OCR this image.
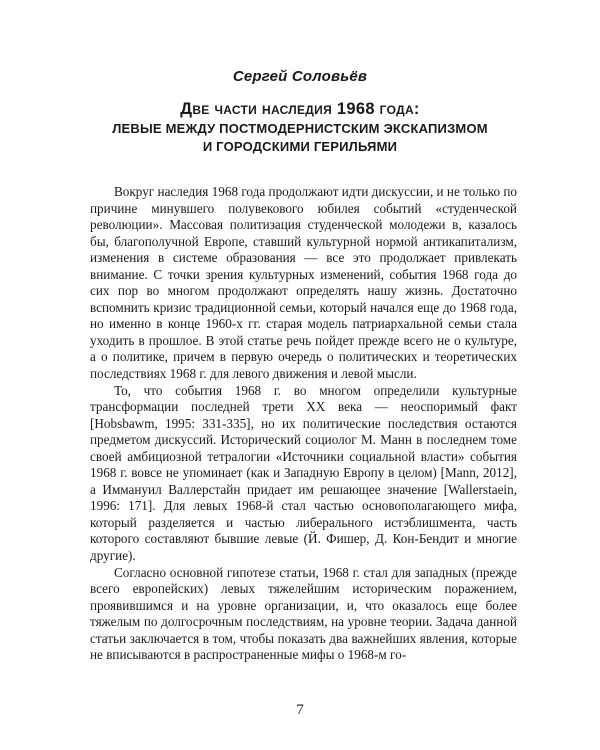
Сергей Соловьёв

Две части наследия 1968 года:

ЛЕВЫЕ МЕЖДУ ПОСТМОДЕРНИСТСКИМ ЭКСКАПИЗМОМ

И ГОРОДСКИМИ ГЕРИЛЬЯМИ

Вокруг наследия 1968 года продолжают идти дискуссии, и не только по причине минувшего полувекового юбилея событий «студенческой революции». Массовая политизация студенческой молодежи в, казалось бы, благополучной Европе, ставший культурной нормой антикапитализм, изменения в системе образования — все это продолжает привлекать внимание. С точки зрения культурных изменений, события 1968 года до сих пор во многом продолжают определять нашу жизнь. Достаточно вспомнить кризис традиционной семьи, который начался еще до 1968 года, но именно в конце 1960-х гг. старая модель патриархальной семьи стала уходить в прошлое. В этой статье речь пойдет прежде всего не о культуре, а о политике, причем в первую очередь о политических и теоретических последствиях 1968 г. для левого движения и левой мысли.

То, что события 1968 г. во многом определили культурные трансформации последней трети XX века — неоспоримый факт [Hobsbawm, 1995: 331-335], но их политические последствия остаются предметом дискуссий. Исторический социолог М. Манн в последнем томе своей амбициозной тетралогии «Источники социальной власти» события 1968 г. вовсе не упоминает (как и Западную Европу в целом) [Mann, 2012], а Иммануил Валлерстайн придает им решающее значение [Wallerstaein, 1996: 171]. Для левых 1968-й стал частью основополагающего мифа, который разделяется и частью либерального истэблишмента, часть которого составляют бывшие левые (Й. Фишер, Д. Кон-Бендит и многие другие).

Согласно основной гипотезе статьи, 1968 г. стал для западных (прежде всего европейских) левых тяжелейшим историческим поражением, проявившимся и на уровне организации, и, что оказалось еще более тяжелым по долгосрочным последствиям, на уровне теории. Задача данной статьи заключается в том, чтобы показать два важнейших явления, которые не вписываются в распространенные мифы о 1968-м го-

7
